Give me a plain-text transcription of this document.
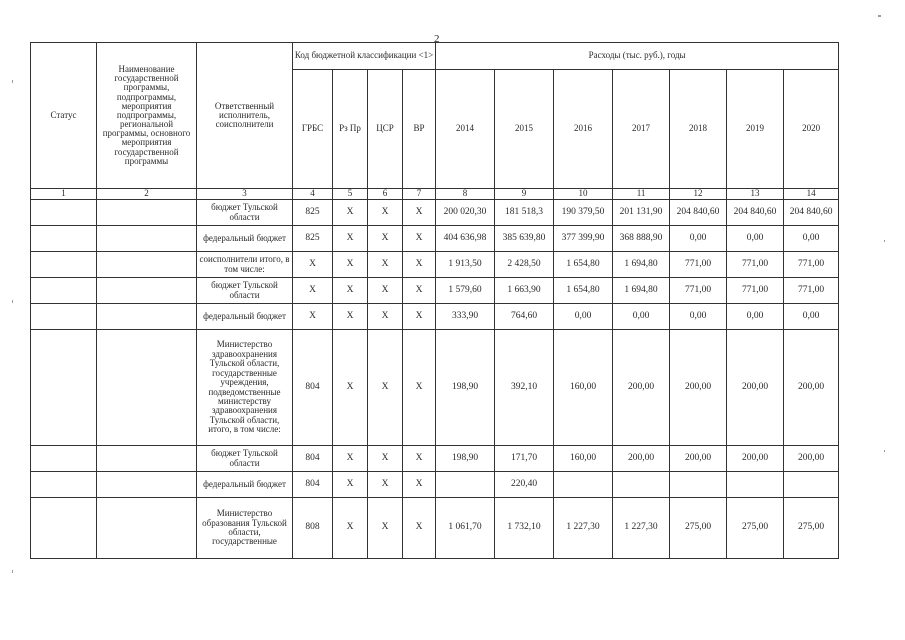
2
Статус	Наименование государственной программы, подпрограммы, мероприятия подпрограммы, региональной программы, основного мероприятия государственной программы	Ответственный исполнитель, соисполнители	Код бюджетной классификации <1>				Расходы (тыс. руб.), годы						
			ГРБС	Рз Пр	ЦСР	ВР	2014	2015	2016	2017	2018	2019	2020
1	2	3	4	5	6	7	8	9	10	11	12	13	14
		бюджет Тульской области	825	Х	Х	Х	200 020,30	181 518,3	190 379,50	201 131,90	204 840,60	204 840,60	204 840,60
		федеральный бюджет	825	Х	Х	Х	404 636,98	385 639,80	377 399,90	368 888,90	0,00	0,00	0,00
		соисполнители итого, в том числе:	Х	Х	Х	Х	1 913,50	2 428,50	1 654,80	1 694,80	771,00	771,00	771,00
		бюджет Тульской области	Х	Х	Х	Х	1 579,60	1 663,90	1 654,80	1 694,80	771,00	771,00	771,00
		федеральный бюджет	Х	Х	Х	Х	333,90	764,60	0,00	0,00	0,00	0,00	0,00
		Министерство здравоохранения Тульской области, государственные учреждения, подведомственные министерству здравоохранения Тульской области, итого, в том числе:	804	Х	Х	Х	198,90	392,10	160,00	200,00	200,00	200,00	200,00
		бюджет Тульской области	804	Х	Х	Х	198,90	171,70	160,00	200,00	200,00	200,00	200,00
		федеральный бюджет	804	Х	Х	Х		220,40					
		Министерство образования Тульской области, государственные	808	Х	Х	Х	1 061,70	1 732,10	1 227,30	1 227,30	275,00	275,00	275,00
